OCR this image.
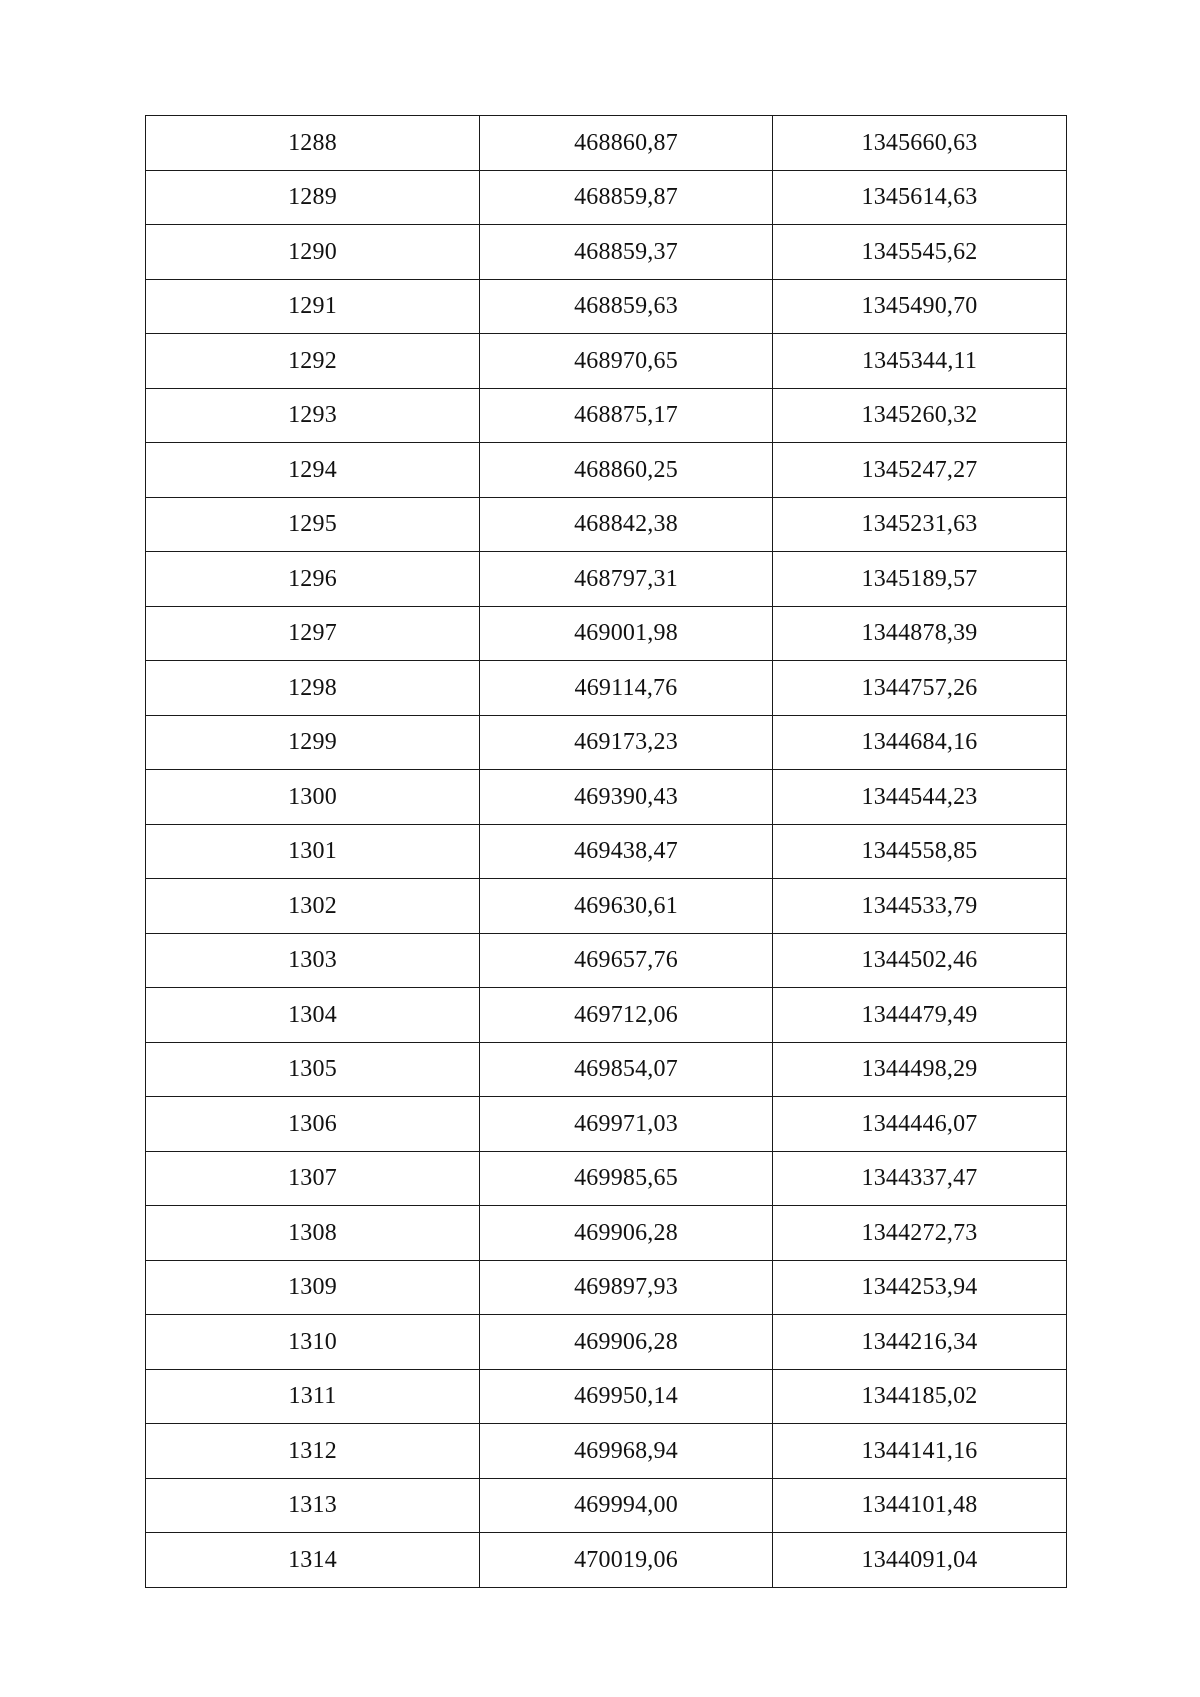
1288	468860,87	1345660,63
1289	468859,87	1345614,63
1290	468859,37	1345545,62
1291	468859,63	1345490,70
1292	468970,65	1345344,11
1293	468875,17	1345260,32
1294	468860,25	1345247,27
1295	468842,38	1345231,63
1296	468797,31	1345189,57
1297	469001,98	1344878,39
1298	469114,76	1344757,26
1299	469173,23	1344684,16
1300	469390,43	1344544,23
1301	469438,47	1344558,85
1302	469630,61	1344533,79
1303	469657,76	1344502,46
1304	469712,06	1344479,49
1305	469854,07	1344498,29
1306	469971,03	1344446,07
1307	469985,65	1344337,47
1308	469906,28	1344272,73
1309	469897,93	1344253,94
1310	469906,28	1344216,34
1311	469950,14	1344185,02
1312	469968,94	1344141,16
1313	469994,00	1344101,48
1314	470019,06	1344091,04
